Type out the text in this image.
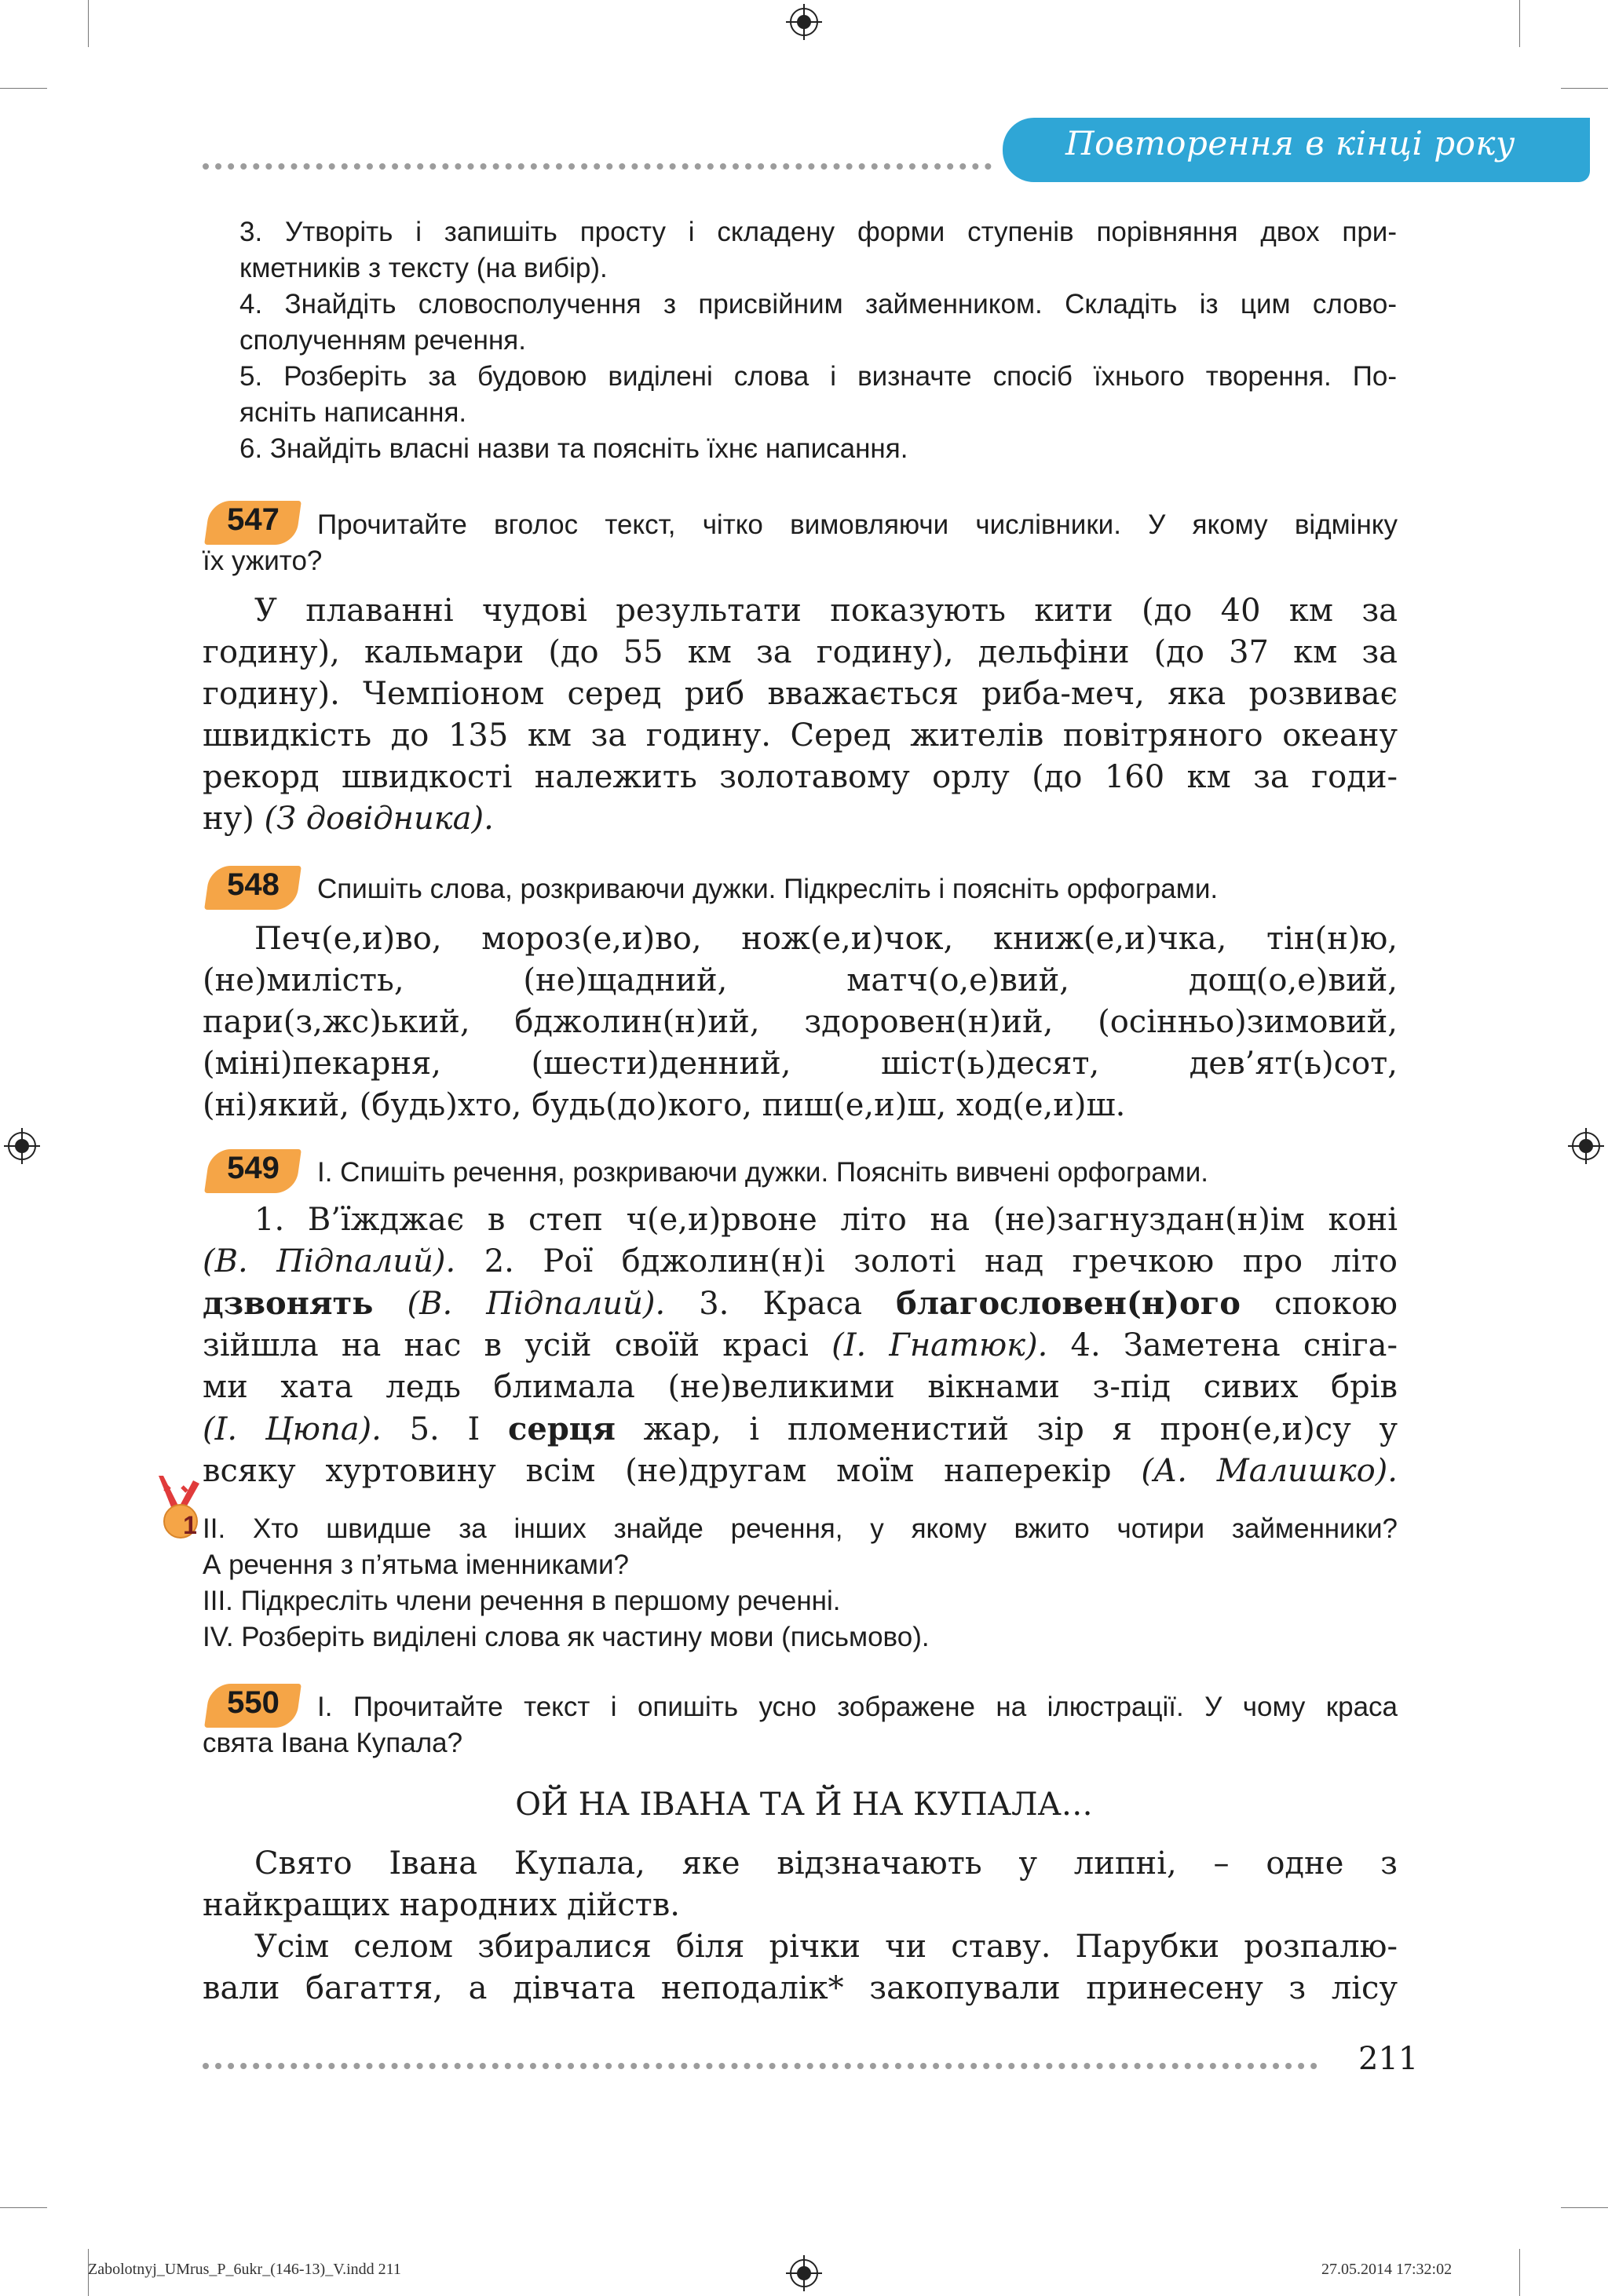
Повторення в кінці року
3. Утворіть і запишіть просту і складену форми ступенів порівняння двох при-
кметників з тексту (на вибір).
4. Знайдіть словосполучення з присвійним займенником. Складіть із цим слово-
сполученням речення.
5. Розберіть за будовою виділені слова і визначте спосіб їхнього творення. По-
ясніть написання.
6. Знайдіть власні назви та поясніть їхнє написання.
547	Прочитайте вголос текст, чітко вимовляючи числівники. У якому відмінку
їх ужито?
У плаванні чудові результати показують кити (до 40 км за
годину), кальмари (до 55 км за годину), дельфіни (до 37 км за
годину). Чемпіоном серед риб вважається риба-меч, яка розвиває
швидкість до 135 км за годину. Серед жителів повітряного океану
рекорд швидкості належить золотавому орлу (до 160 км за годи-
ну) (З довідника).
548	Спишіть слова, розкриваючи дужки. Підкресліть і поясніть орфограми.
Печ(е,и)во, мороз(е,и)во, нож(е,и)чок, книж(е,и)чка, тін(н)ю,
(не)милість, (не)щадний, матч(о,е)вий, дощ(о,е)вий,
пари(з,жс)ький, бджолин(н)ий, здоровен(н)ий, (осінньо)зимовий,
(міні)пекарня, (шести)денний, шіст(ь)десят, дев’ят(ь)сот,
(ні)який, (будь)хто, будь(до)кого, пиш(е,и)ш, ход(е,и)ш.
549	І. Спишіть речення, розкриваючи дужки. Поясніть вивчені орфограми.
1. В’їжджає в степ ч(е,и)рвоне літо на (не)загнуздан(н)ім коні
(В. Підпалий). 2. Рої бджолин(н)і золоті над гречкою про літо
дзвонять (В. Підпалий). 3. Краса благословен(н)ого спокою
зійшла на нас в усій своїй красі (І. Гнатюк). 4. Заметена сніга-
ми хата ледь блимала (не)великими вікнами з-під сивих брів
(І. Цюпа). 5. І серця жар, і пломенистий зір я прон(е,и)су у
всяку хуртовину всім (не)другам моїм наперекір (А. Малишко).
1 ІІ. Хто швидше за інших знайде речення, у якому вжито чотири займенники?
А речення з п’ятьма іменниками?
ІІІ. Підкресліть члени речення в першому реченні.
IV. Розберіть виділені слова як частину мови (письмово).
550	І. Прочитайте текст і опишіть усно зображене на ілюстрації. У чому краса
свята Івана Купала?
ОЙ НА ІВАНА ТА Й НА КУПАЛА…
Свято Івана Купала, яке відзначають у липні, – одне з
найкращих народних дійств.
Усім селом збиралися біля річки чи ставу. Парубки розпалю-
вали багаття, а дівчата неподалік* закопували принесену з лісу
211
Zabolotnyj_UMrus_P_6ukr_(146-13)_V.indd 211	27.05.2014 17:32:02
